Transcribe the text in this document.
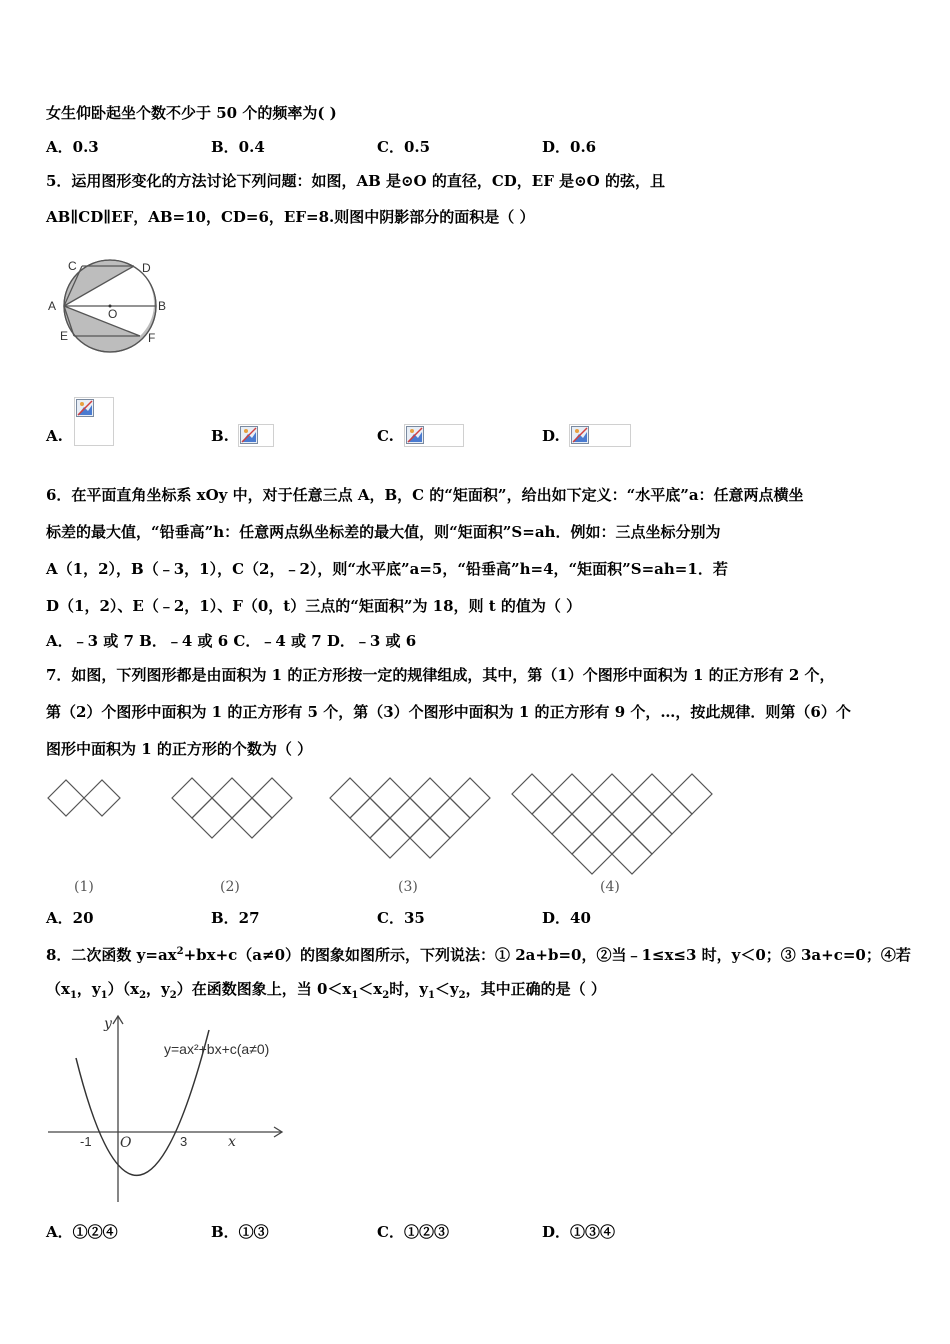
女生仰卧起坐个数不少于 50 个的频率为( )
A．0.3	B．0.4	C．0.5	D．0.6
5．运用图形变化的方法讨论下列问题：如图，AB 是⊙O 的直径，CD，EF 是⊙O 的弦，且
AB∥CD∥EF，AB=10，CD=6，EF=8.则图中阴影部分的面积是（ ）
C	D
A
O
B
E	F
A.	B.	C.	D.
6．在平面直角坐标系 xOy 中，对于任意三点 A，B，C 的“矩面积”，给出如下定义：“水平底”a：任意两点横坐
标差的最大值，“铅垂高”h：任意两点纵坐标差的最大值，则“矩面积”S=ah．例如：三点坐标分别为
A（1，2），B（﹣3，1），C（2，﹣2），则“水平底”a=5，“铅垂高”h=4，“矩面积”S=ah=1．若
D（1，2）、E（﹣2，1）、F（0，t）三点的“矩面积”为 18，则 t 的值为（ ）
A．﹣3 或 7 B．﹣4 或 6 C．﹣4 或 7 D．﹣3 或 6
7．如图，下列图形都是由面积为 1 的正方形按一定的规律组成，其中，第（1）个图形中面积为 1 的正方形有 2 个，
第（2）个图形中面积为 1 的正方形有 5 个，第（3）个图形中面积为 1 的正方形有 9 个，…，按此规律．则第（6）个
图形中面积为 1 的正方形的个数为（ ）
(1)	(2)	(3)	(4)
A．20	B．27	C．35	D．40
8．二次函数 $y=ax^2+bx+c(a\ne 0)$的图象如图所示，下列说法：① 2a+b=0，②当﹣1≤x≤3 时，y＜0；③ 3a+c=0；④若
（$x_1$，$y_1)(x_2$，$y_2$）在函数图象上，当 $0<x_1<x_2$时，$y_1<y_2$，其中正确的是（ ）
y
x
O
-1	3
y=ax²+bx+c(a≠0)
A．①②④	B．①③	C．①②③	D．①③④
